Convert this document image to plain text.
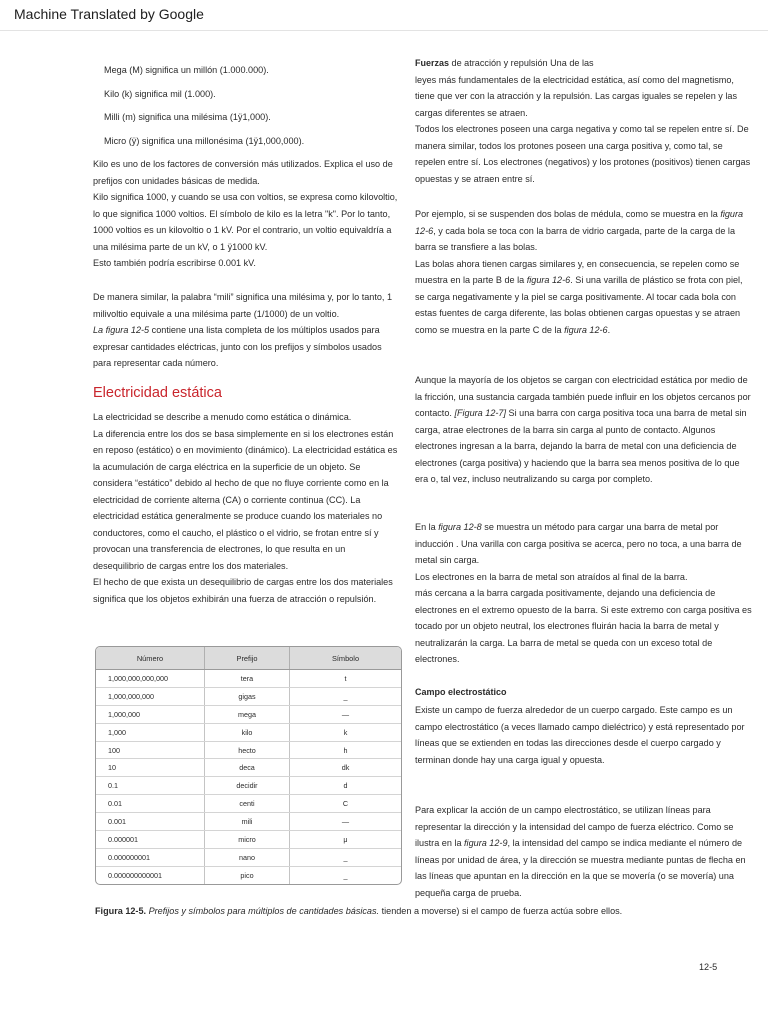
Machine Translated by Google

Mega (M) significa un millón (1.000.000).

Kilo (k) significa mil (1.000).

Milli (m) significa una milésima (1ÿ1,000).

Micro (ÿ) significa una millonésima (1ÿ1,000,000).

Kilo es uno de los factores de conversión más utilizados. Explica el uso de prefijos con unidades básicas de medida.

Kilo significa 1000, y cuando se usa con voltios, se expresa como kilovoltio, lo que significa 1000 voltios. El símbolo de kilo es la letra "k". Por lo tanto, 1000 voltios es un kilovoltio o 1 kV. Por el contrario, un voltio equivaldría a una milésima parte de un kV, o 1 ÿ1000 kV.

Esto también podría escribirse 0.001 kV.

De manera similar, la palabra “mili” significa una milésima y, por lo tanto, 1 milivoltio equivale a una milésima parte (1/1000) de un voltio.

La figura 12-5 contiene una lista completa de los múltiplos usados para expresar cantidades eléctricas, junto con los prefijos y símbolos usados para representar cada número.

Electricidad estática

La electricidad se describe a menudo como estática o dinámica.

La diferencia entre los dos se basa simplemente en si los electrones están en reposo (estático) o en movimiento (dinámico). La electricidad estática es la acumulación de carga eléctrica en la superficie de un objeto. Se considera “estático” debido al hecho de que no fluye corriente como en la electricidad de corriente alterna (CA) o corriente continua (CC). La electricidad estática generalmente se produce cuando los materiales no conductores, como el caucho, el plástico o el vidrio, se frotan entre sí y provocan una transferencia de electrones, lo que resulta en un desequilibrio de cargas entre los dos materiales.

El hecho de que exista un desequilibrio de cargas entre los dos materiales significa que los objetos exhibirán una fuerza de atracción o repulsión.

Número	Prefijo	Símbolo
1,000,000,000,000	tera	t
1,000,000,000	gigas	_
1,000,000	mega	—
1,000	kilo	k
100	hecto	h
10	deca	dk
0.1	decidir	d
0.01	centi	C
0.001	mili	—
0.000001	micro	μ
0.000000001	nano	_
0.000000000001	pico	_
Figura 12-5. Prefijos y símbolos para múltiplos de cantidades básicas. tienden a moverse) si el campo de fuerza actúa sobre ellos.

Fuerzas de atracción y repulsión Una de las

leyes más fundamentales de la electricidad estática, así como del magnetismo, tiene que ver con la atracción y la repulsión. Las cargas iguales se repelen y las cargas diferentes se atraen.

Todos los electrones poseen una carga negativa y como tal se repelen entre sí. De manera similar, todos los protones poseen una carga positiva y, como tal, se repelen entre sí. Los electrones (negativos) y los protones (positivos) tienen cargas opuestas y se atraen entre sí.

Por ejemplo, si se suspenden dos bolas de médula, como se muestra en la figura 12-6, y cada bola se toca con la barra de vidrio cargada, parte de la carga de la barra se transfiere a las bolas.

Las bolas ahora tienen cargas similares y, en consecuencia, se repelen como se muestra en la parte B de la figura 12-6. Si una varilla de plástico se frota con piel, se carga negativamente y la piel se carga positivamente. Al tocar cada bola con estas fuentes de carga diferente, las bolas obtienen cargas opuestas y se atraen como se muestra en la parte C de la figura 12-6.

Aunque la mayoría de los objetos se cargan con electricidad estática por medio de la fricción, una sustancia cargada también puede influir en los objetos cercanos por contacto. [Figura 12-7] Si una barra con carga positiva toca una barra de metal sin carga, atrae electrones de la barra sin carga al punto de contacto. Algunos electrones ingresan a la barra, dejando la barra de metal con una deficiencia de electrones (carga positiva) y haciendo que la barra sea menos positiva de lo que era o, tal vez, incluso neutralizando su carga por completo.

En la figura 12-8 se muestra un método para cargar una barra de metal por inducción . Una varilla con carga positiva se acerca, pero no toca, a una barra de metal sin carga.

Los electrones en la barra de metal son atraídos al final de la barra.

más cercana a la barra cargada positivamente, dejando una deficiencia de electrones en el extremo opuesto de la barra. Si este extremo con carga positiva es tocado por un objeto neutral, los electrones fluirán hacia la barra de metal y neutralizarán la carga. La barra de metal se queda con un exceso total de electrones.

Campo electrostático

Existe un campo de fuerza alrededor de un cuerpo cargado. Este campo es un campo electrostático (a veces llamado campo dieléctrico) y está representado por líneas que se extienden en todas las direcciones desde el cuerpo cargado y terminan donde hay una carga igual y opuesta.

Para explicar la acción de un campo electrostático, se utilizan líneas para representar la dirección y la intensidad del campo de fuerza eléctrico. Como se ilustra en la figura 12-9, la intensidad del campo se indica mediante el número de líneas por unidad de área, y la dirección se muestra mediante puntas de flecha en las líneas que apuntan en la dirección en la que se movería (o se movería) una pequeña carga de prueba.

12-5
